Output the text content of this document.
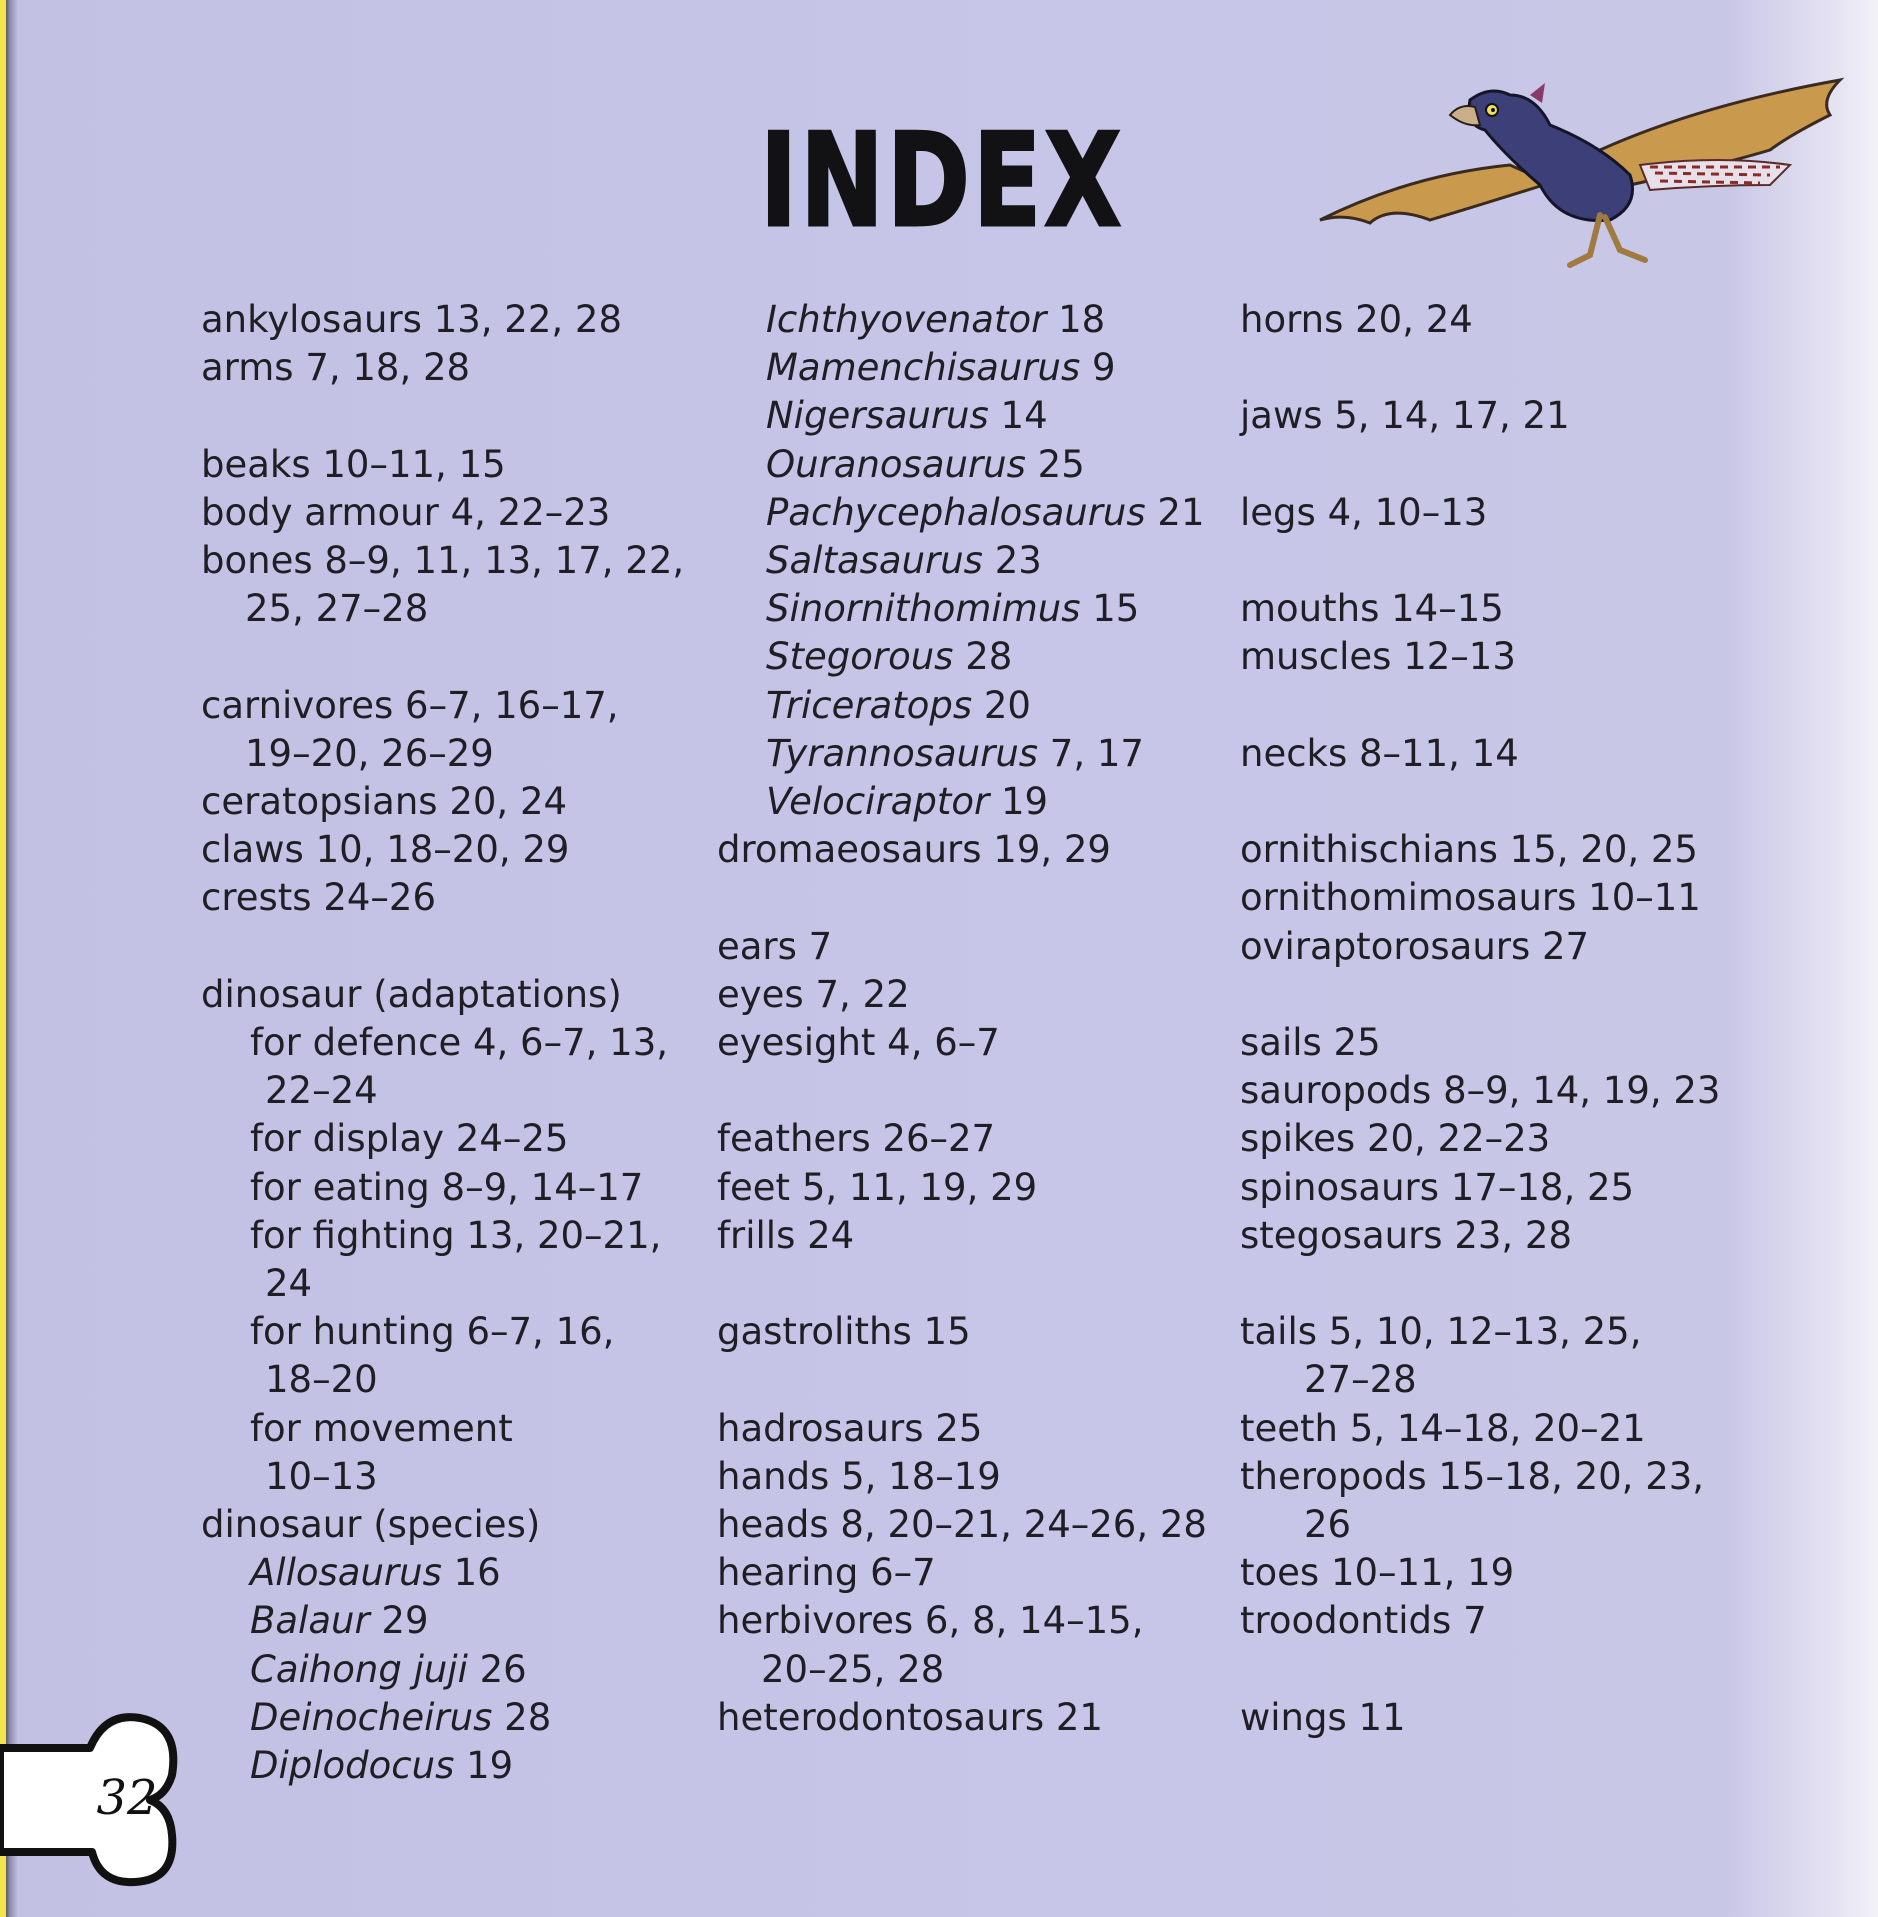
INDEX
ankylosaurs 13, 22, 28
arms 7, 18, 28
beaks 10–11, 15
body armour 4, 22–23
bones 8–9, 11, 13, 17, 22,
25, 27–28
carnivores 6–7, 16–17,
19–20, 26–29
ceratopsians 20, 24
claws 10, 18–20, 29
crests 24–26
dinosaur (adaptations)
for defence 4, 6–7, 13,
22–24
for display 24–25
for eating 8–9, 14–17
for fighting 13, 20–21,
24
for hunting 6–7, 16,
18–20
for movement
10–13
dinosaur (species)
Allosaurus 16
Balaur 29
Caihong juji 26
Deinocheirus 28
Diplodocus 19
Ichthyovenator 18
Mamenchisaurus 9
Nigersaurus 14
Ouranosaurus 25
Pachycephalosaurus 21
Saltasaurus 23
Sinornithomimus 15
Stegorous 28
Triceratops 20
Tyrannosaurus 7, 17
Velociraptor 19
dromaeosaurs 19, 29
ears 7
eyes 7, 22
eyesight 4, 6–7
feathers 26–27
feet 5, 11, 19, 29
frills 24
gastroliths 15
hadrosaurs 25
hands 5, 18–19
heads 8, 20–21, 24–26, 28
hearing 6–7
herbivores 6, 8, 14–15,
20–25, 28
heterodontosaurs 21
horns 20, 24
jaws 5, 14, 17, 21
legs 4, 10–13
mouths 14–15
muscles 12–13
necks 8–11, 14
ornithischians 15, 20, 25
ornithomimosaurs 10–11
oviraptorosaurs 27
sails 25
sauropods 8–9, 14, 19, 23
spikes 20, 22–23
spinosaurs 17–18, 25
stegosaurs 23, 28
tails 5, 10, 12–13, 25,
27–28
teeth 5, 14–18, 20–21
theropods 15–18, 20, 23,
26
toes 10–11, 19
troodontids 7
wings 11
32
